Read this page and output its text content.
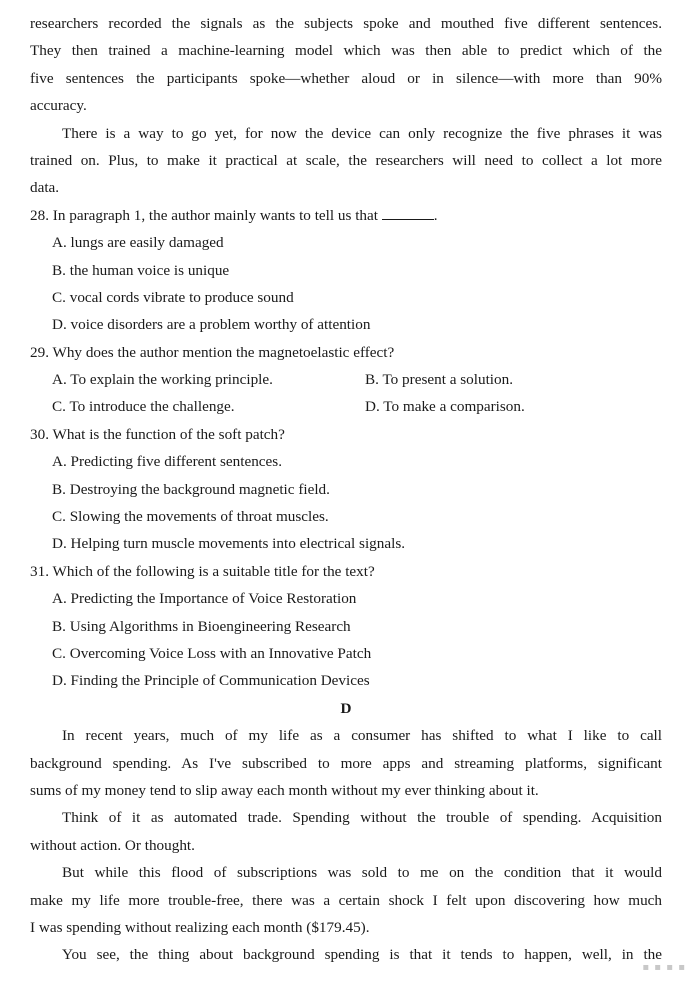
researchers recorded the signals as the subjects spoke and mouthed five different sentences.
They then trained a machine-learning model which was then able to predict which of the
five sentences the participants spoke—whether aloud or in silence—with more than 90%
accuracy.
There is a way to go yet, for now the device can only recognize the five phrases it was
trained on. Plus, to make it practical at scale, the researchers will need to collect a lot more
data.
28. In paragraph 1, the author mainly wants to tell us that	.
A. lungs are easily damaged
B. the human voice is unique
C. vocal cords vibrate to produce sound
D. voice disorders are a problem worthy of attention
29. Why does the author mention the magnetoelastic effect?
A. To explain the working principle.	B. To present a solution.
C. To introduce the challenge.	D. To make a comparison.
30. What is the function of the soft patch?
A. Predicting five different sentences.
B. Destroying the background magnetic field.
C. Slowing the movements of throat muscles.
D. Helping turn muscle movements into electrical signals.
31. Which of the following is a suitable title for the text?
A. Predicting the Importance of Voice Restoration
B. Using Algorithms in Bioengineering Research
C. Overcoming Voice Loss with an Innovative Patch
D. Finding the Principle of Communication Devices
D
In recent years, much of my life as a consumer has shifted to what I like to call
background spending. As I've subscribed to more apps and streaming platforms, significant
sums of my money tend to slip away each month without my ever thinking about it.
Think of it as automated trade. Spending without the trouble of spending. Acquisition
without action. Or thought.
But while this flood of subscriptions was sold to me on the condition that it would
make my life more trouble-free, there was a certain shock I felt upon discovering how much
I was spending without realizing each month ($179.45).
You see, the thing about background spending is that it tends to happen, well, in the
▪ ▪ ▪ ▪
